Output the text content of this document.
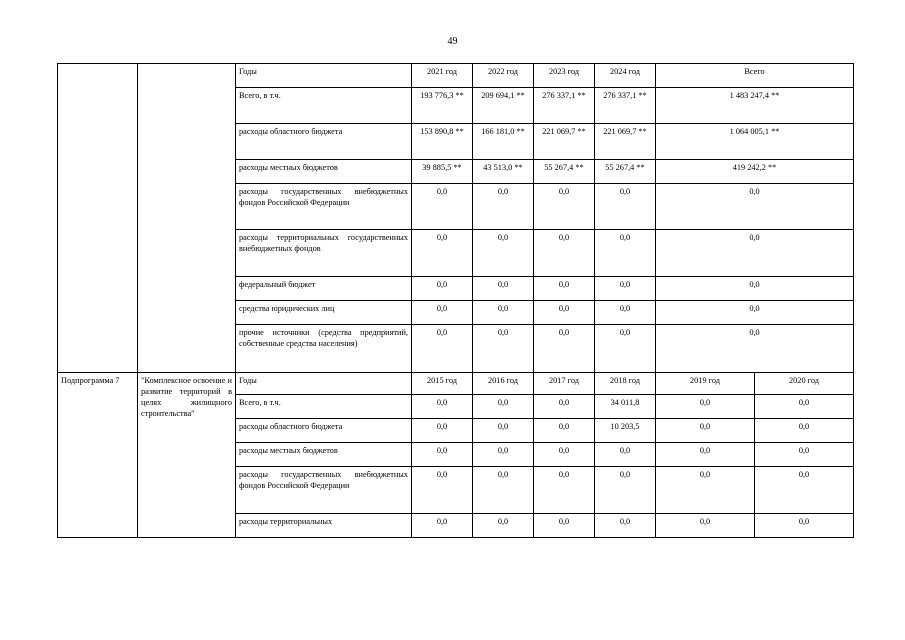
49
		Годы	2021 год	2022 год	2023 год	2024 год	Всего	
		Всего, в т.ч.	193 776,3 **	209 694,1 **	276 337,1 **	276 337,1 **	1 483 247,4 **	
		расходы областного бюджета	153 890,8 **	166 181,0 **	221 069,7 **	221 069,7 **	1 064 005,1 **	
		расходы местных бюджетов	39 885,5 **	43 513,0 **	55 267,4 **	55 267,4 **	419 242,2 **	
		расходы государственных внебюджетных фондов Российской Федерации	0,0	0,0	0,0	0,0	0,0	
		расходы территориальных государственных внебюджетных фондов	0,0	0,0	0,0	0,0	0,0	
		федеральный бюджет	0,0	0,0	0,0	0,0	0,0	
		средства юридических лиц	0,0	0,0	0,0	0,0	0,0	
		прочие источники (средства предприятий, собственные средства населения)	0,0	0,0	0,0	0,0	0,0	
Подпрограмма 7	"Комплексное освоение и развитие территорий в целях жилищного строительства"	Годы	2015 год	2016 год	2017 год	2018 год	2019 год	2020 год
		Всего, в т.ч.	0,0	0,0	0,0	34 011,8	0,0	0,0
		расходы областного бюджета	0,0	0,0	0,0	10 203,5	0,0	0,0
		расходы местных бюджетов	0,0	0,0	0,0	0,0	0,0	0,0
		расходы государственных внебюджетных фондов Российской Федерации	0,0	0,0	0,0	0,0	0,0	0,0
		расходы территориальных	0,0	0,0	0,0	0,0	0,0	0,0
